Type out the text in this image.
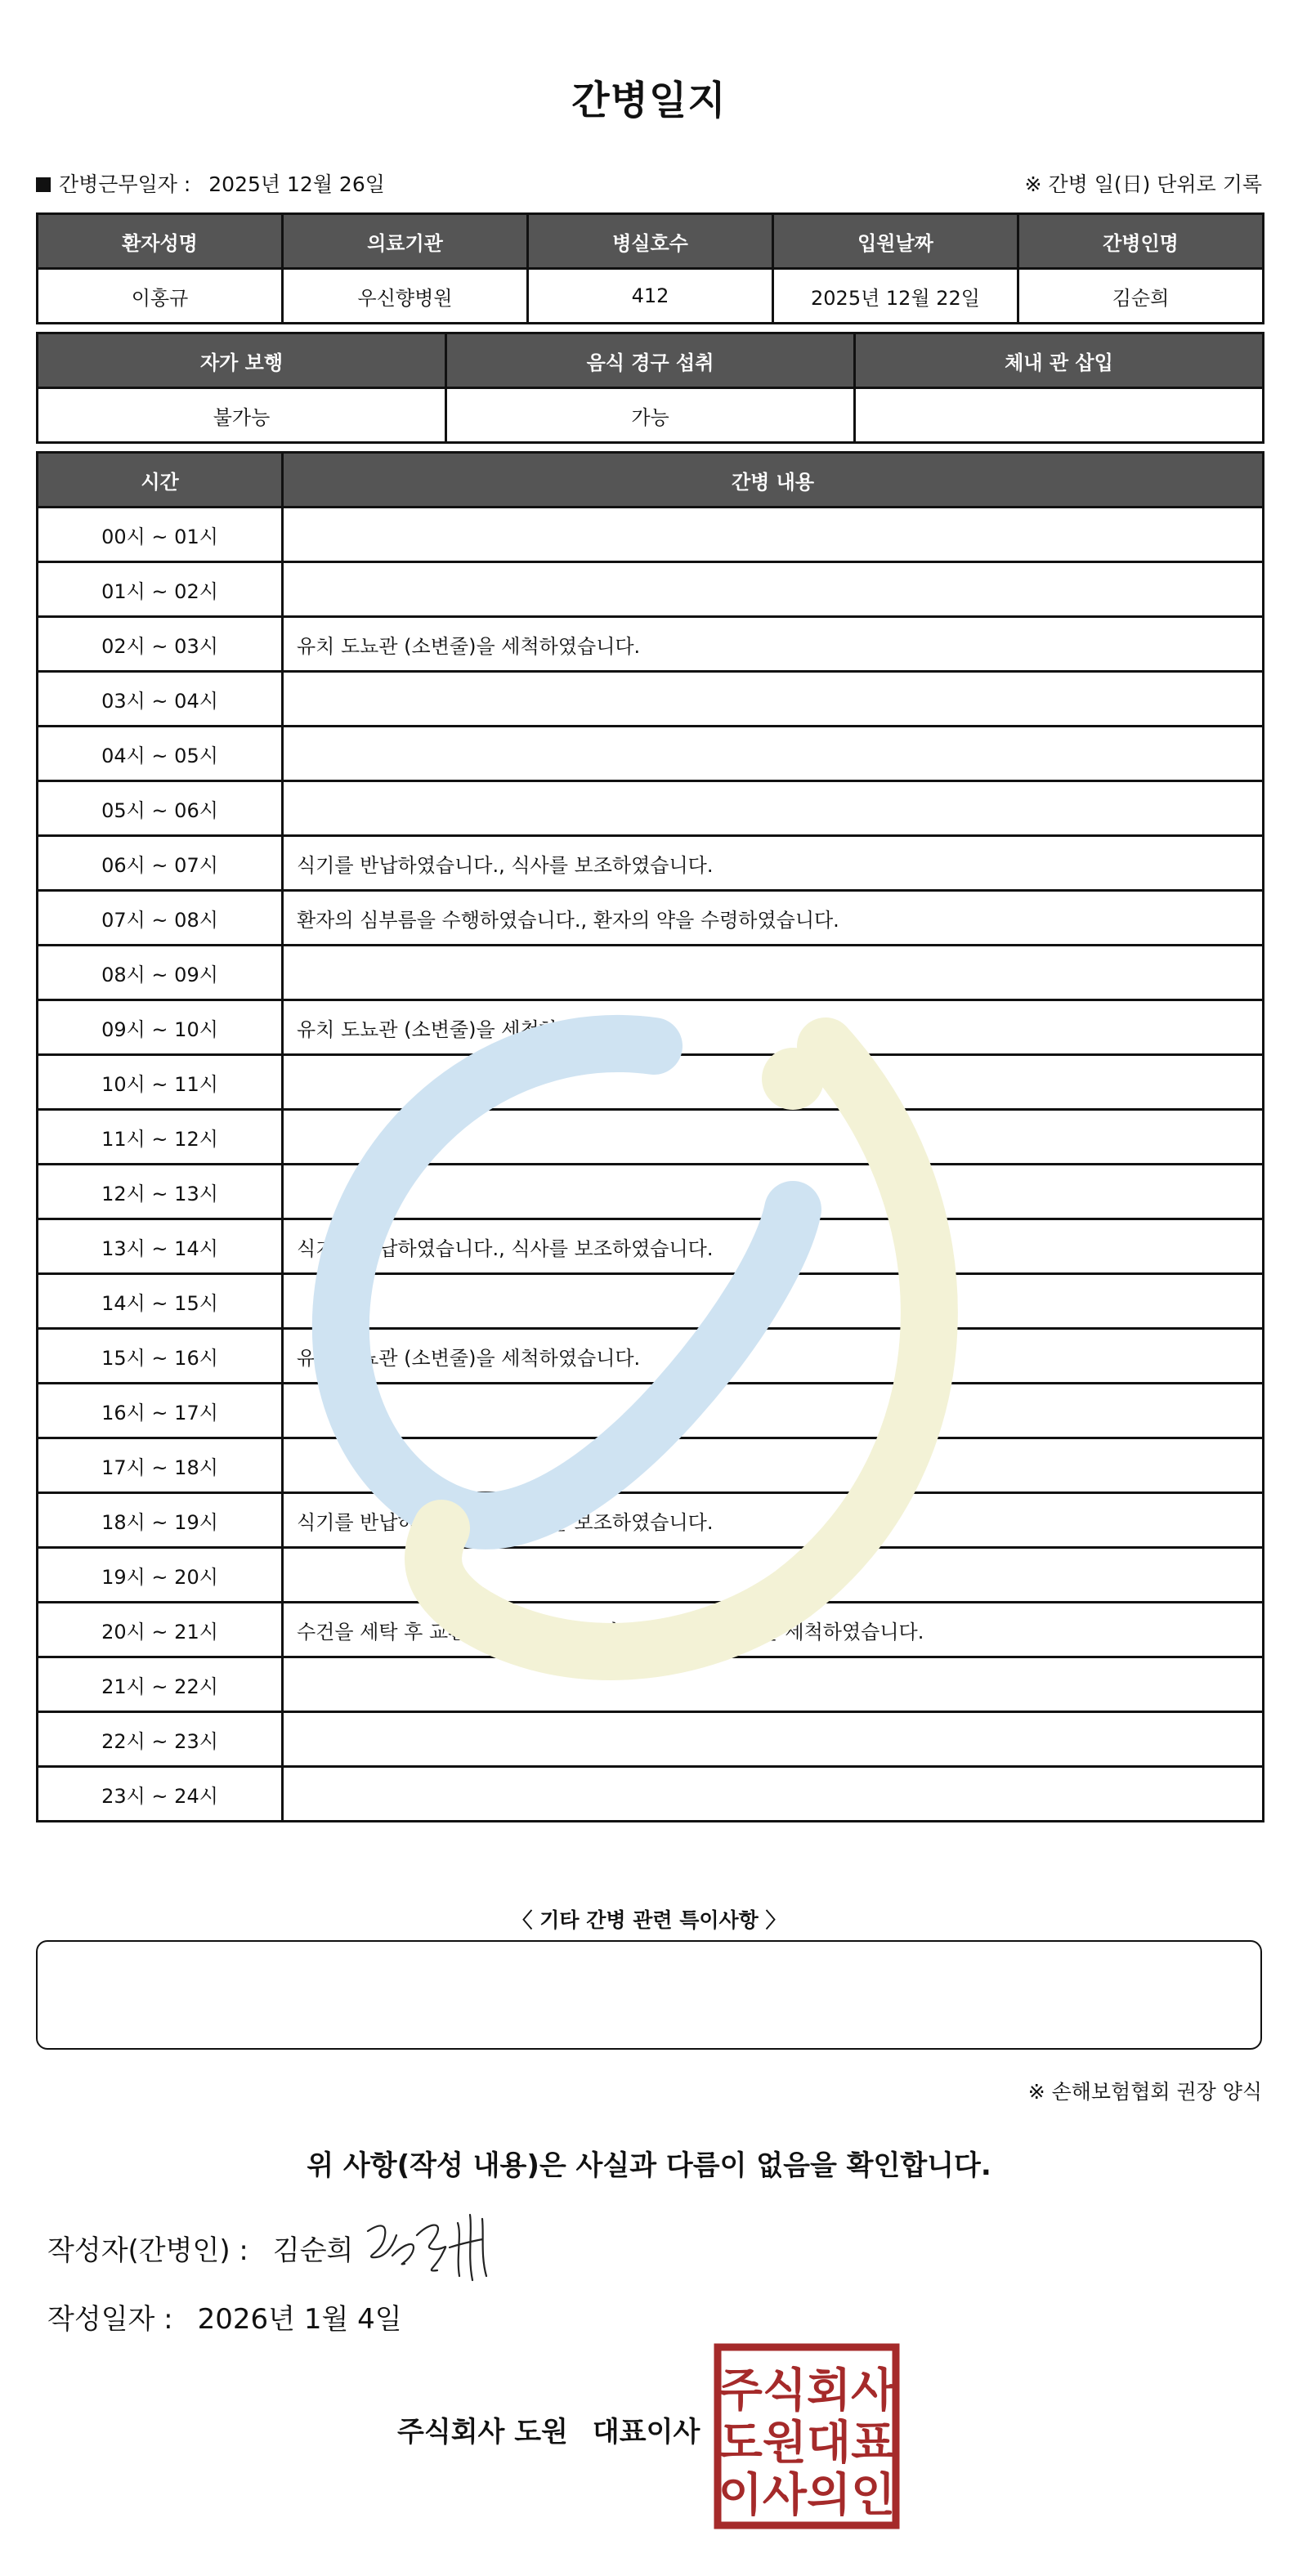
간병일지
간병근무일자 : 2025년 12월 26일	※ 간병 일(日) 단위로 기록
환자성명	의료기관	병실호수	입원날짜	간병인명
이홍규	우신향병원	412	2025년 12월 22일	김순희
자가 보행	음식 경구 섭취	체내 관 삽입
불가능	가능	
시간	간병 내용
00시 ~ 01시	
01시 ~ 02시	
02시 ~ 03시	유치 도뇨관 (소변줄)을 세척하였습니다.
03시 ~ 04시	
04시 ~ 05시	
05시 ~ 06시	
06시 ~ 07시	식기를 반납하였습니다., 식사를 보조하였습니다.
07시 ~ 08시	환자의 심부름을 수행하였습니다., 환자의 약을 수령하였습니다.
08시 ~ 09시	
09시 ~ 10시	유치 도뇨관 (소변줄)을 세척하였습니다.
10시 ~ 11시	
11시 ~ 12시	
12시 ~ 13시	
13시 ~ 14시	식기를 반납하였습니다., 식사를 보조하였습니다.
14시 ~ 15시	
15시 ~ 16시	유치 도뇨관 (소변줄)을 세척하였습니다.
16시 ~ 17시	
17시 ~ 18시	
18시 ~ 19시	식기를 반납하였습니다., 식사를 보조하였습니다.
19시 ~ 20시	
20시 ~ 21시	수건을 세탁 후 교환하였습니다., 유치 도뇨관 (소변줄)을 세척하였습니다.
21시 ~ 22시	
22시 ~ 23시	
23시 ~ 24시	
〈 기타 간병 관련 특이사항 〉
※ 손해보험협회 권장 양식
위 사항(작성 내용)은 사실과 다름이 없음을 확인합니다.
작성자(간병인) : 김순희
작성일자 : 2026년 1월 4일
주식회사 도원 대표이사
주식회사
도원대표
이사의인
